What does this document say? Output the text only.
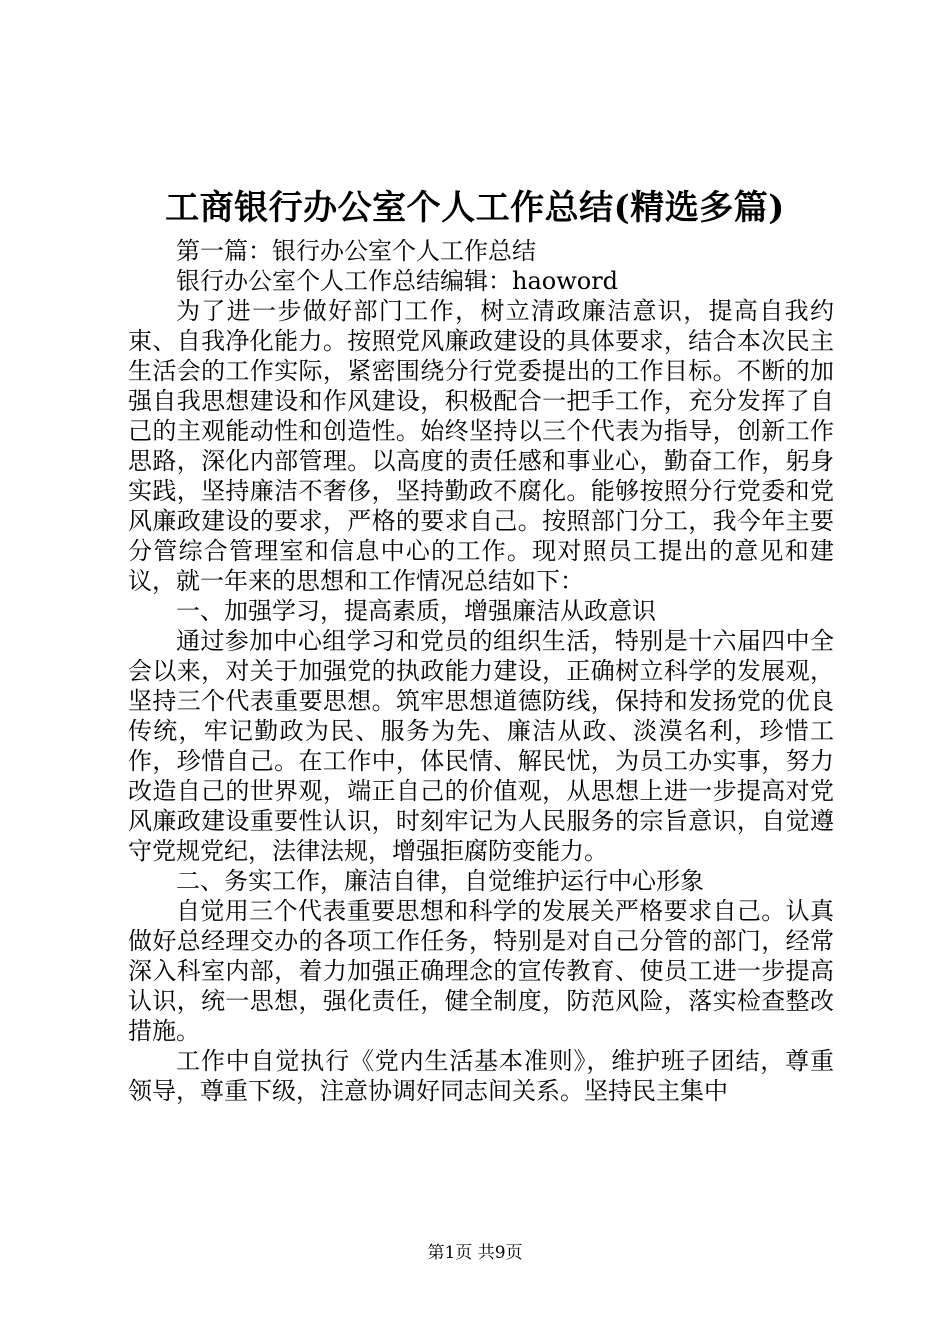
工商银行办公室个人工作总结(精选多篇)

第一篇：银行办公室个人工作总结

银行办公室个人工作总结编辑：haoword

为了进一步做好部门工作，树立清政廉洁意识，提高自我约束、自我净化能力。按照党风廉政建设的具体要求，结合本次民主生活会的工作实际，紧密围绕分行党委提出的工作目标。不断的加强自我思想建设和作风建设，积极配合一把手工作，充分发挥了自己的主观能动性和创造性。始终坚持以三个代表为指导，创新工作思路，深化内部管理。以高度的责任感和事业心，勤奋工作，躬身实践，坚持廉洁不奢侈，坚持勤政不腐化。能够按照分行党委和党风廉政建设的要求，严格的要求自己。按照部门分工，我今年主要分管综合管理室和信息中心的工作。现对照员工提出的意见和建议，就一年来的思想和工作情况总结如下：

一、加强学习，提高素质，增强廉洁从政意识

通过参加中心组学习和党员的组织生活，特别是十六届四中全会以来，对关于加强党的执政能力建设，正确树立科学的发展观，坚持三个代表重要思想。筑牢思想道德防线，保持和发扬党的优良传统，牢记勤政为民、服务为先、廉洁从政、淡漠名利，珍惜工作，珍惜自己。在工作中，体民情、解民忧，为员工办实事，努力改造自己的世界观，端正自己的价值观，从思想上进一步提高对党风廉政建设重要性认识，时刻牢记为人民服务的宗旨意识，自觉遵守党规党纪，法律法规，增强拒腐防变能力。

二、务实工作，廉洁自律，自觉维护运行中心形象

自觉用三个代表重要思想和科学的发展关严格要求自己。认真做好总经理交办的各项工作任务，特别是对自己分管的部门，经常深入科室内部，着力加强正确理念的宣传教育、使员工进一步提高认识，统一思想，强化责任，健全制度，防范风险，落实检查整改措施。

工作中自觉执行《党内生活基本准则》，维护班子团结，尊重领导，尊重下级，注意协调好同志间关系。坚持民主集中

第1页 共9页
